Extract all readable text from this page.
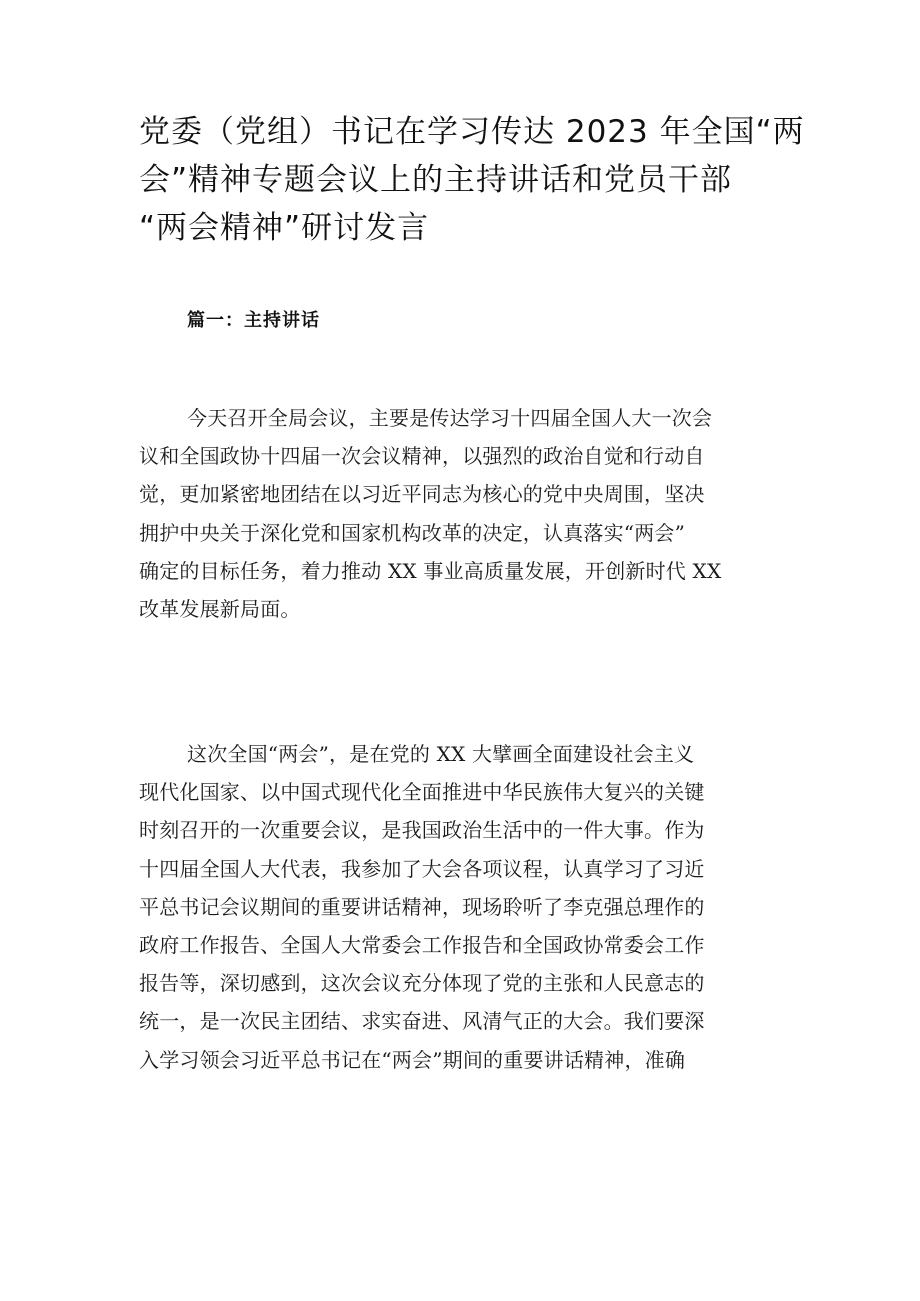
党委（党组）书记在学习传达 2023 年全国“两
会”精神专题会议上的主持讲话和党员干部
“两会精神”研讨发言
篇一：主持讲话

今天召开全局会议，主要是传达学习十四届全国人大一次会
议和全国政协十四届一次会议精神，以强烈的政治自觉和行动自
觉，更加紧密地团结在以习近平同志为核心的党中央周围，坚决
拥护中央关于深化党和国家机构改革的决定，认真落实“两会”
确定的目标任务，着力推动 XX 事业高质量发展，开创新时代 XX
改革发展新局面。

这次全国“两会”，是在党的 XX 大擘画全面建设社会主义
现代化国家、以中国式现代化全面推进中华民族伟大复兴的关键
时刻召开的一次重要会议，是我国政治生活中的一件大事。作为
十四届全国人大代表，我参加了大会各项议程，认真学习了习近
平总书记会议期间的重要讲话精神，现场聆听了李克强总理作的
政府工作报告、全国人大常委会工作报告和全国政协常委会工作
报告等，深切感到，这次会议充分体现了党的主张和人民意志的
统一，是一次民主团结、求实奋进、风清气正的大会。我们要深
入学习领会习近平总书记在“两会”期间的重要讲话精神，准确
